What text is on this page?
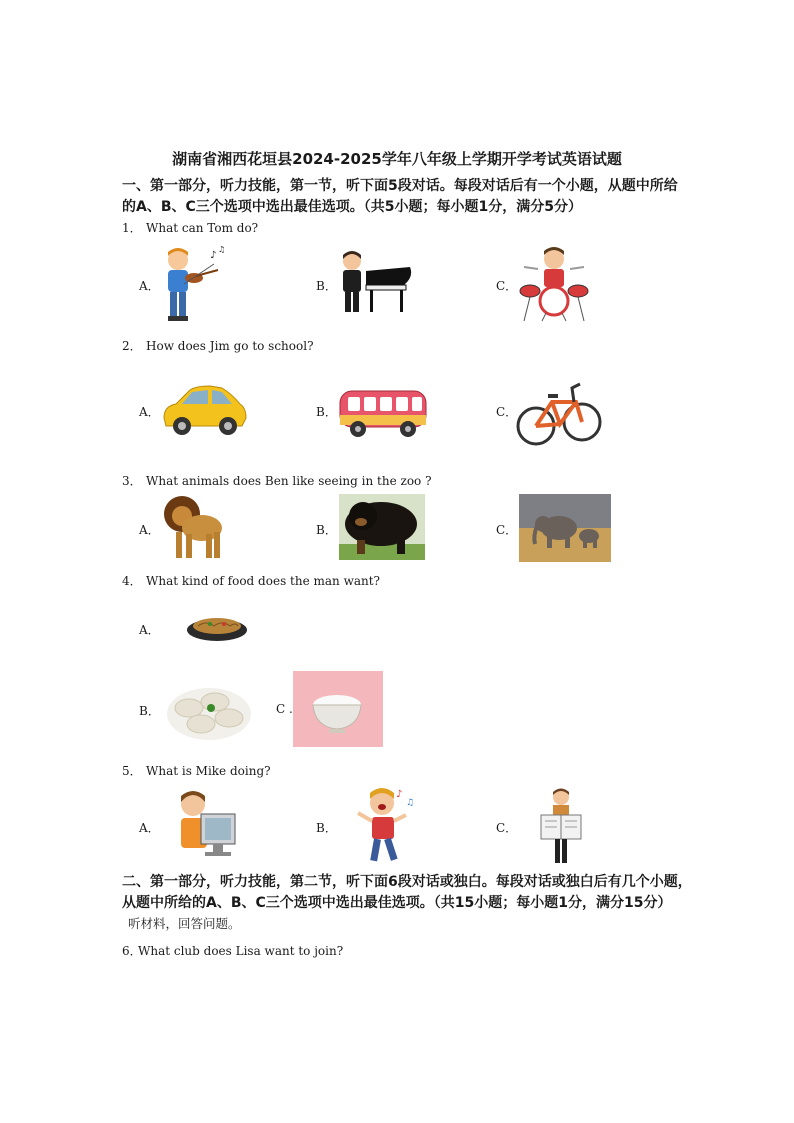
湖南省湘西花垣县2024-2025学年八年级上学期开学考试英语试题
一、第一部分，听力技能，第一节，听下面5段对话。每段对话后有一个小题，从题中所给
的A、B、C三个选项中选出最佳选项。（共5小题；每小题1分，满分5分）
1． What can Tom do?
A．	B．	C．
♪
♫
2． How does Jim go to school?
A．	B．	C．
3． What animals does Ben like seeing in the zoo ?
A．	B．	C．
4． What kind of food does the man want?
A．
B．	C .
5． What is Mike doing?
A．	B．	C．
♪
♫
二、第一部分，听力技能，第二节，听下面6段对话或独白。每段对话或独白后有几个小题，
从题中所给的A、B、C三个选项中选出最佳选项。（共15小题；每小题1分，满分15分）
听材料，回答问题。
6．What club does Lisa want to join?
